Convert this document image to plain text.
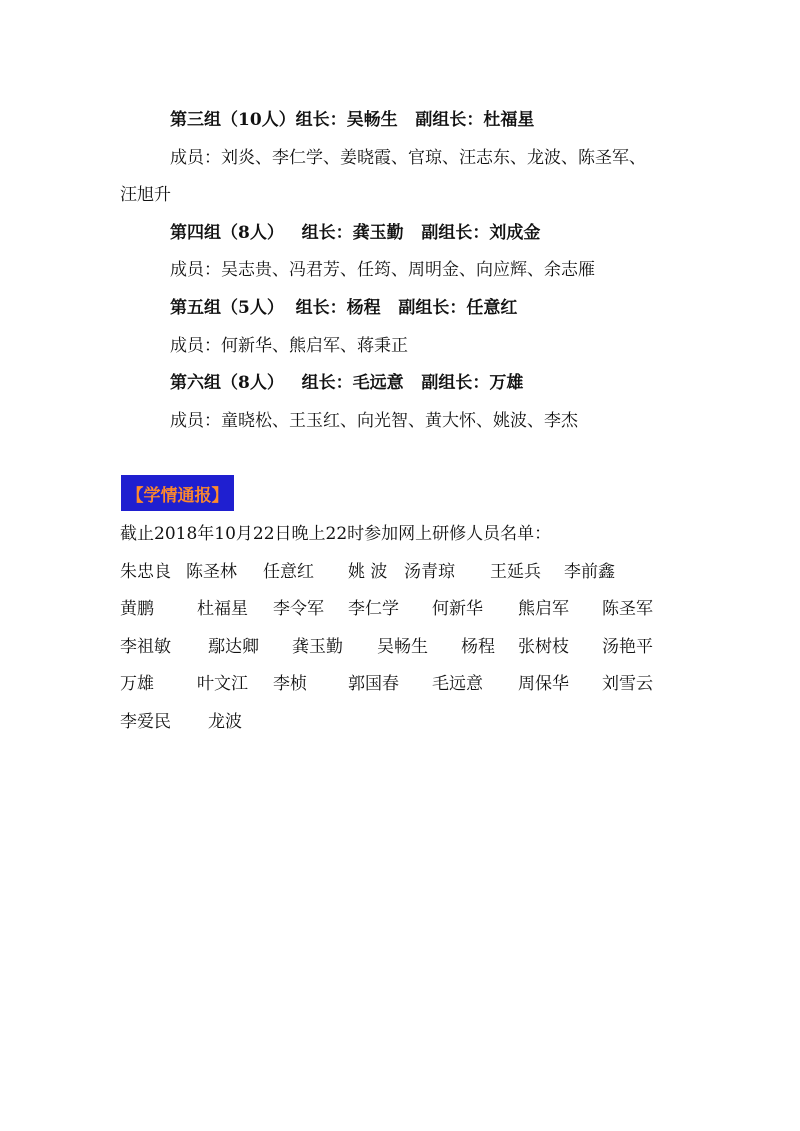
第三组（10人）组长：吴畅生   副组长：杜福星
成员：刘炎、李仁学、姜晓霞、官琼、汪志东、龙波、陈圣军、
汪旭升
第四组（8人）   组长：龚玉勤   副组长：刘成金
成员：吴志贵、冯君芳、任筠、周明金、向应辉、余志雁
第五组（5人）  组长：杨程   副组长：任意红
成员：何新华、熊启军、蒋秉正
第六组（8人）   组长：毛远意   副组长：万雄
成员：童晓松、王玉红、向光智、黄大怀、姚波、李杰
【学情通报】
截止2018年10月22日晚上22时参加网上研修人员名单：
朱忠良 陈圣林 任意红 姚 波 汤青琼 王延兵 李前鑫
黄鹏	杜福星 李令军 李仁学 何新华 熊启军 陈圣军
李祖敏 鄢达卿 龚玉勤 吴畅生 杨程 张树枝 汤艳平
万雄	叶文江 李桢 郭国春 毛远意 周保华 刘雪云
李爱民 龙波
